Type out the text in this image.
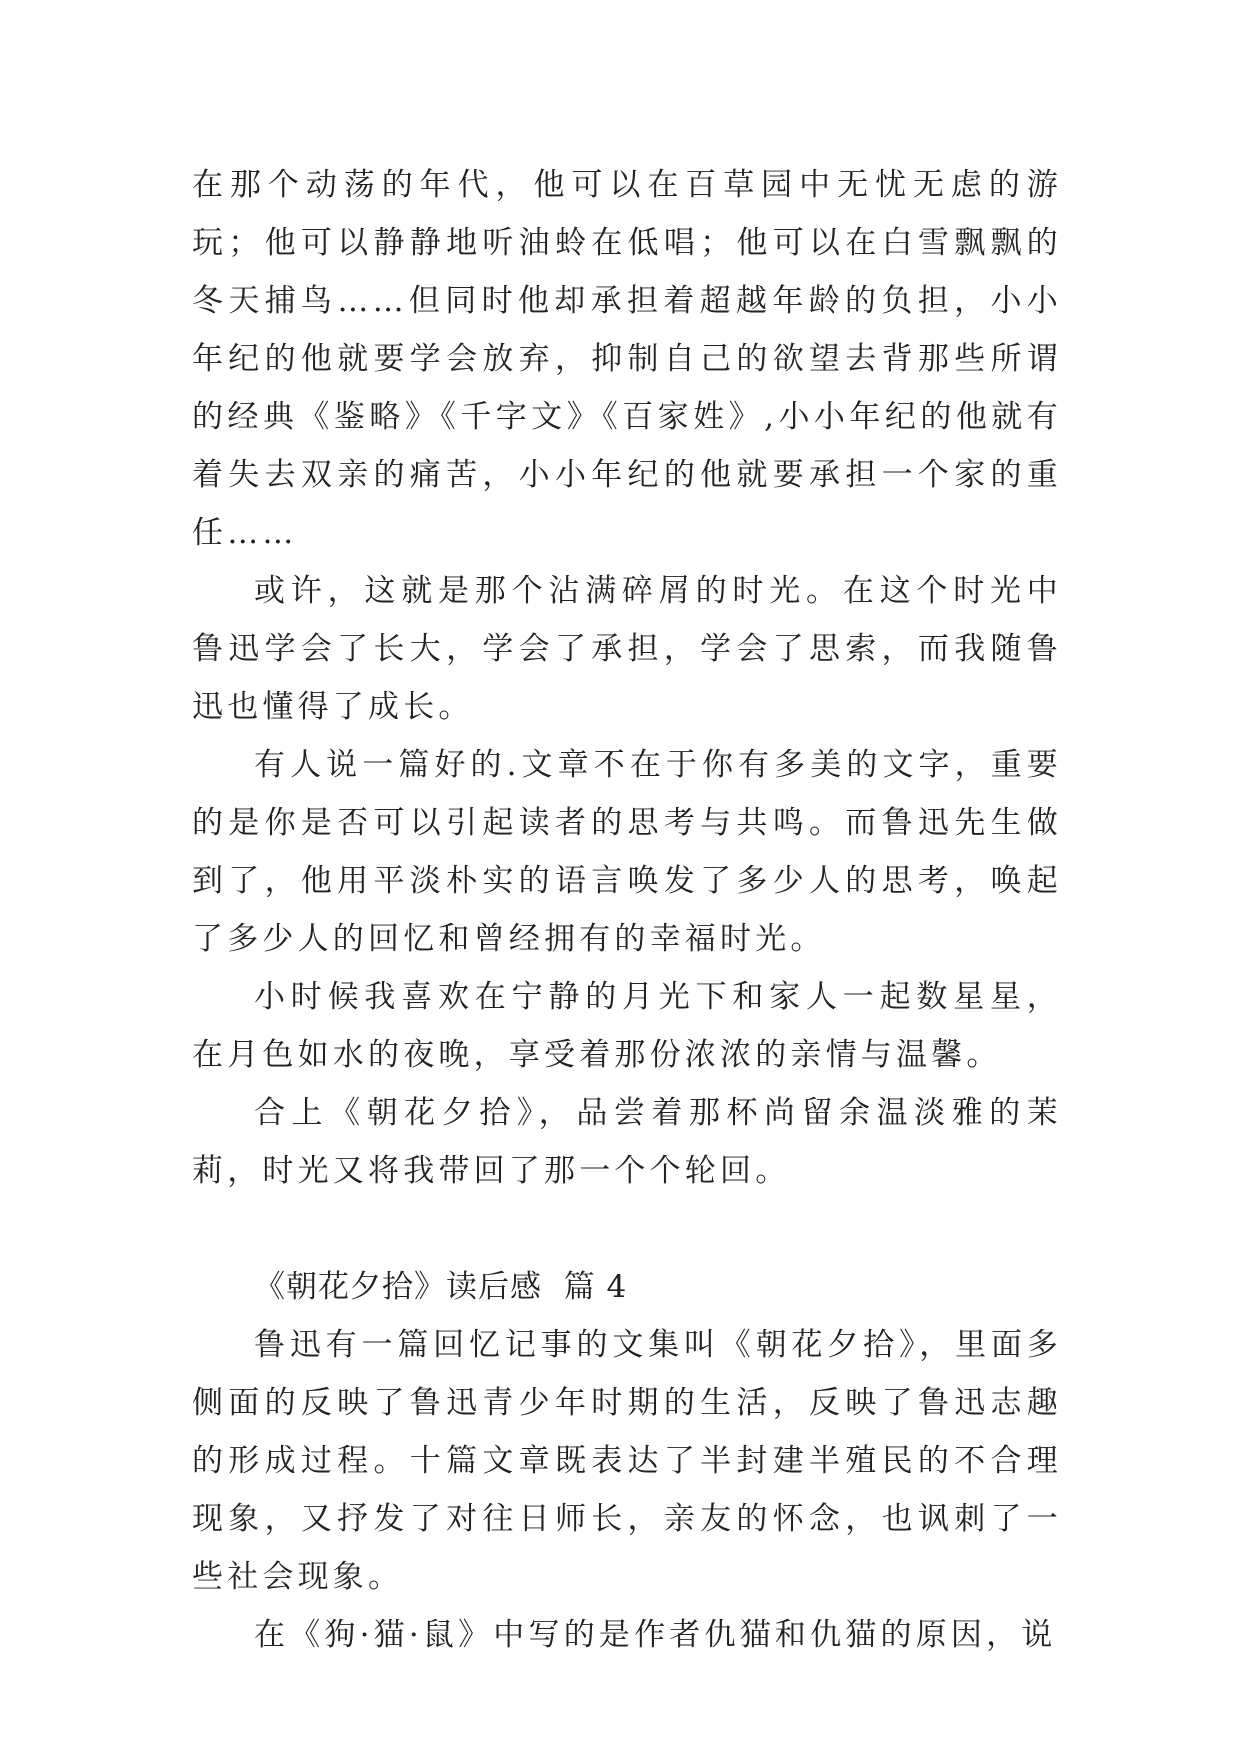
在那个动荡的年代，他可以在百草园中无忧无虑的游玩；他可以静静地听油蛉在低唱；他可以在白雪飘飘的冬天捕鸟……但同时他却承担着超越年龄的负担，小小年纪的他就要学会放弃，抑制自己的欲望去背那些所谓的经典《鉴略》《千字文》《百家姓》,小小年纪的他就有着失去双亲的痛苦，小小年纪的他就要承担一个家的重任……

或许，这就是那个沾满碎屑的时光。在这个时光中鲁迅学会了长大，学会了承担，学会了思索，而我随鲁迅也懂得了成长。

有人说一篇好的.文章不在于你有多美的文字，重要的是你是否可以引起读者的思考与共鸣。而鲁迅先生做到了，他用平淡朴实的语言唤发了多少人的思考，唤起了多少人的回忆和曾经拥有的幸福时光。

小时候我喜欢在宁静的月光下和家人一起数星星，在月色如水的夜晚，享受着那份浓浓的亲情与温馨。

合上《朝花夕拾》，品尝着那杯尚留余温淡雅的茉莉，时光又将我带回了那一个个轮回。

《朝花夕拾》读后感  篇 4

鲁迅有一篇回忆记事的文集叫《朝花夕拾》，里面多侧面的反映了鲁迅青少年时期的生活，反映了鲁迅志趣的形成过程。十篇文章既表达了半封建半殖民的不合理现象，又抒发了对往日师长，亲友的怀念，也讽刺了一些社会现象。

在《狗·猫·鼠》中写的是作者仇猫和仇猫的原因，说
